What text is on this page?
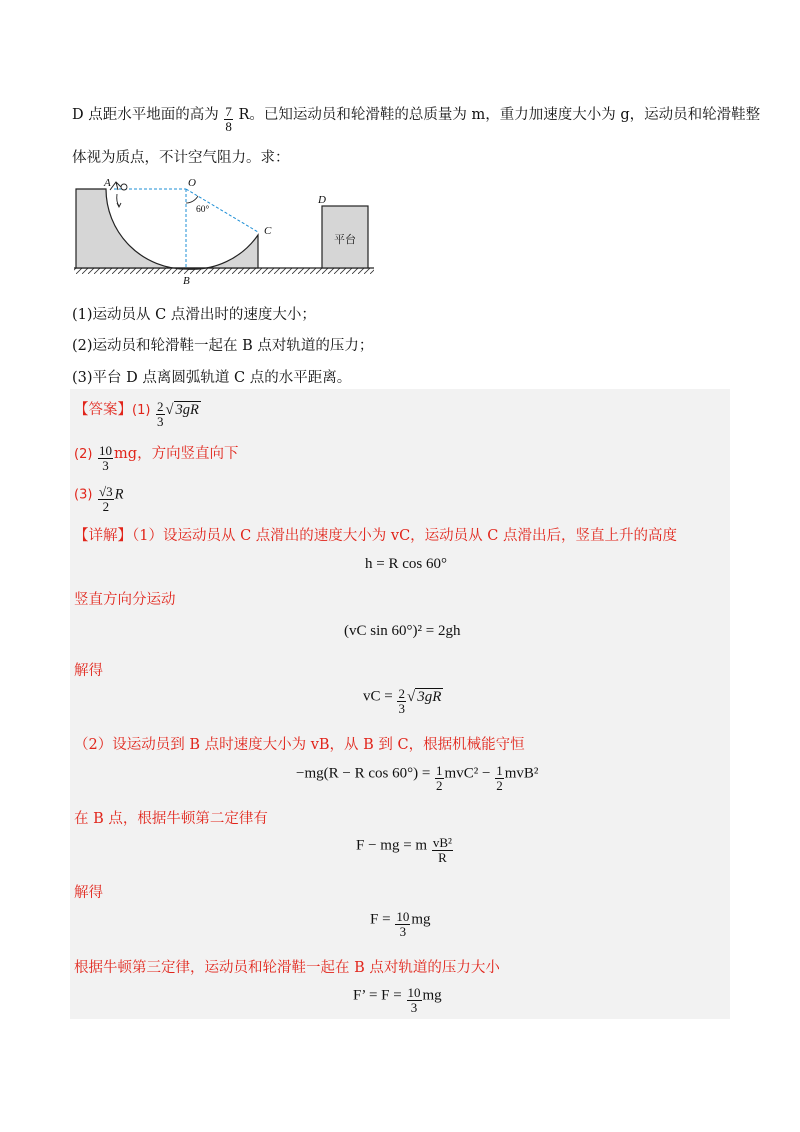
D 点距水平地面的高为 $\frac{7}{8}$ R。已知运动员和轮滑鞋的总质量为 m，重力加速度大小为 g，运动员和轮滑鞋整
体视为质点，不计空气阻力。求：
A	O
60°
C
D
平台
B
(1)运动员从 C 点滑出时的速度大小；
(2)运动员和轮滑鞋一起在 B 点对轨道的压力；
(3)平台 D 点离圆弧轨道 C 点的水平距离。
【答案】$(1) \frac{2}{3}$ √ 3gR
$(2) \frac{10}{3}$ mg，方向竖直向下
$(3) \frac{√3}{2}$ R
【详解】（1）设运动员从 C 点滑出的速度大小为 vC，运动员从 C 点滑出后，竖直上升的高度
h = R cos 60°
竖直方向分运动
(vC sin 60°)² = 2gh
解得
vC = $\frac{2}{3}$ √ 3gR
（2）设运动员到 B 点时速度大小为 vB，从 B 到 C，根据机械能守恒
−mg(R − R $\cos 60^\circ) = \frac{1}{2} mvC^2 - \frac{1}{2} mvB^2$
在 B 点，根据牛顿第二定律有
F − mg = m $\frac{\text{vB²}}{R}$
解得
$F = \frac{10}{3}$ mg
根据牛顿第三定律，运动员和轮滑鞋一起在 B 点对轨道的压力大小
F’ = $F = \frac{10}{3}$ mg
